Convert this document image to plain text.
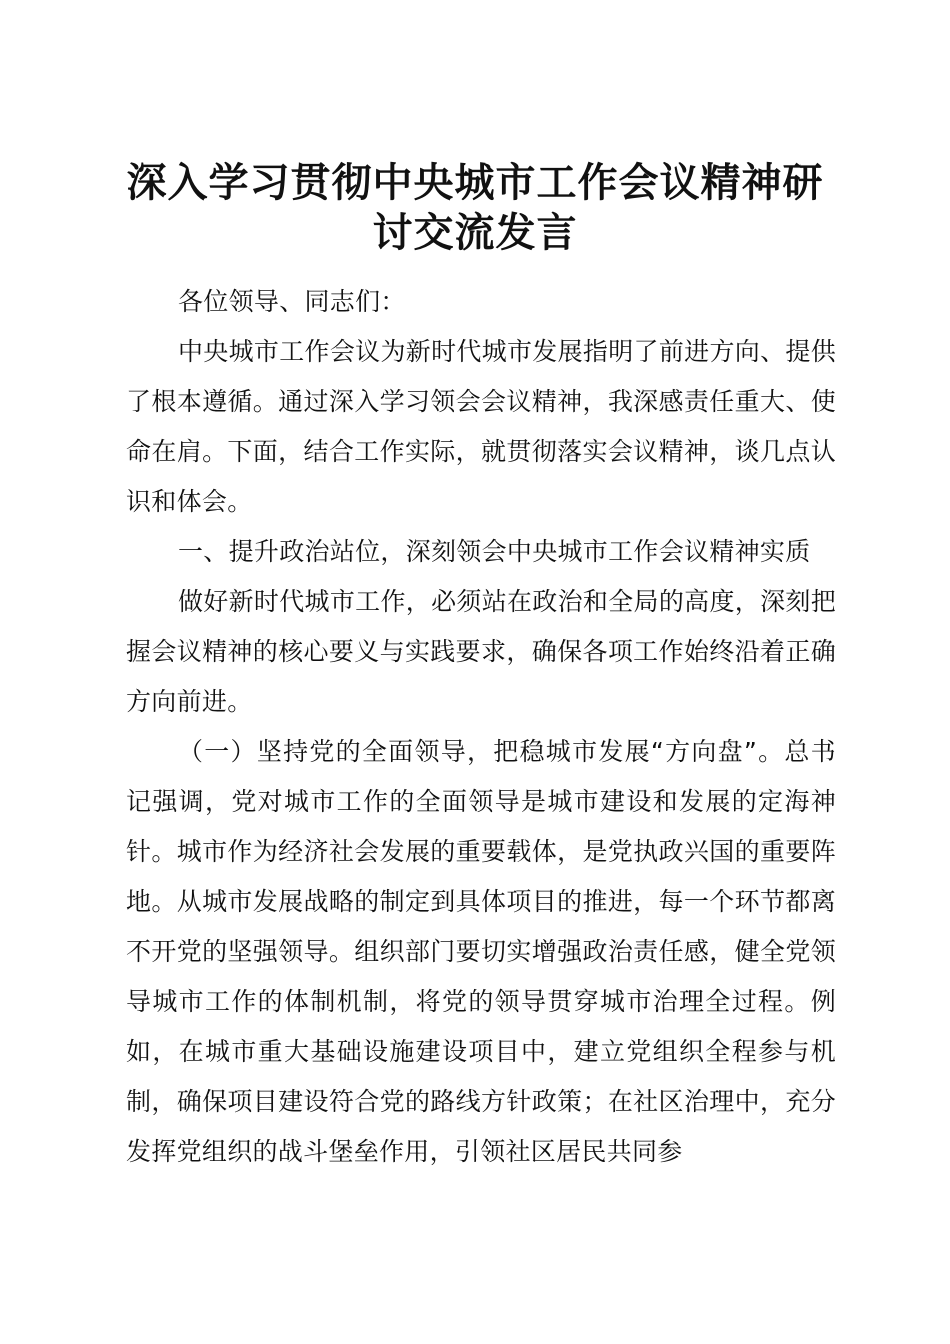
深入学习贯彻中央城市工作会议精神研
讨交流发言

各位领导、同志们：

中央城市工作会议为新时代城市发展指明了前进方向、提供了根本遵循。通过深入学习领会会议精神，我深感责任重大、使命在肩。下面，结合工作实际，就贯彻落实会议精神，谈几点认识和体会。

一、提升政治站位，深刻领会中央城市工作会议精神实质

做好新时代城市工作，必须站在政治和全局的高度，深刻把握会议精神的核心要义与实践要求，确保各项工作始终沿着正确方向前进。

（一）坚持党的全面领导，把稳城市发展“方向盘”。总书记强调，党对城市工作的全面领导是城市建设和发展的定海神针。城市作为经济社会发展的重要载体，是党执政兴国的重要阵地。从城市发展战略的制定到具体项目的推进，每一个环节都离不开党的坚强领导。组织部门要切实增强政治责任感，健全党领导城市工作的体制机制，将党的领导贯穿城市治理全过程。例如，在城市重大基础设施建设项目中，建立党组织全程参与机制，确保项目建设符合党的路线方针政策；在社区治理中，充分发挥党组织的战斗堡垒作用，引领社区居民共同参
